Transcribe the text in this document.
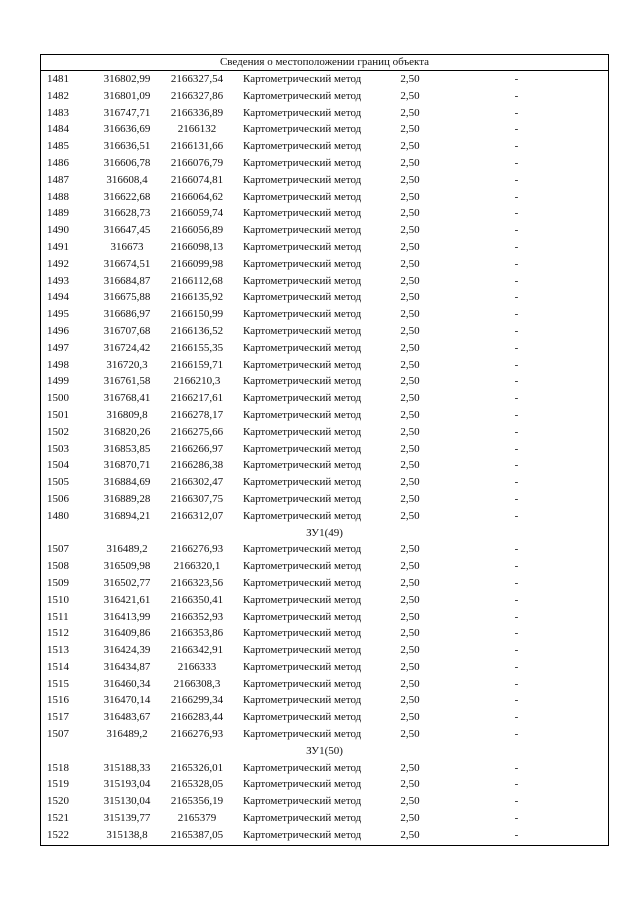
Сведения о местоположении границ объекта
1481	316802,99	2166327,54	Картометрический метод	2,50	-
1482	316801,09	2166327,86	Картометрический метод	2,50	-
1483	316747,71	2166336,89	Картометрический метод	2,50	-
1484	316636,69	2166132	Картометрический метод	2,50	-
1485	316636,51	2166131,66	Картометрический метод	2,50	-
1486	316606,78	2166076,79	Картометрический метод	2,50	-
1487	316608,4	2166074,81	Картометрический метод	2,50	-
1488	316622,68	2166064,62	Картометрический метод	2,50	-
1489	316628,73	2166059,74	Картометрический метод	2,50	-
1490	316647,45	2166056,89	Картометрический метод	2,50	-
1491	316673	2166098,13	Картометрический метод	2,50	-
1492	316674,51	2166099,98	Картометрический метод	2,50	-
1493	316684,87	2166112,68	Картометрический метод	2,50	-
1494	316675,88	2166135,92	Картометрический метод	2,50	-
1495	316686,97	2166150,99	Картометрический метод	2,50	-
1496	316707,68	2166136,52	Картометрический метод	2,50	-
1497	316724,42	2166155,35	Картометрический метод	2,50	-
1498	316720,3	2166159,71	Картометрический метод	2,50	-
1499	316761,58	2166210,3	Картометрический метод	2,50	-
1500	316768,41	2166217,61	Картометрический метод	2,50	-
1501	316809,8	2166278,17	Картометрический метод	2,50	-
1502	316820,26	2166275,66	Картометрический метод	2,50	-
1503	316853,85	2166266,97	Картометрический метод	2,50	-
1504	316870,71	2166286,38	Картометрический метод	2,50	-
1505	316884,69	2166302,47	Картометрический метод	2,50	-
1506	316889,28	2166307,75	Картометрический метод	2,50	-
1480	316894,21	2166312,07	Картометрический метод	2,50	-
ЗУ1(49)
1507	316489,2	2166276,93	Картометрический метод	2,50	-
1508	316509,98	2166320,1	Картометрический метод	2,50	-
1509	316502,77	2166323,56	Картометрический метод	2,50	-
1510	316421,61	2166350,41	Картометрический метод	2,50	-
1511	316413,99	2166352,93	Картометрический метод	2,50	-
1512	316409,86	2166353,86	Картометрический метод	2,50	-
1513	316424,39	2166342,91	Картометрический метод	2,50	-
1514	316434,87	2166333	Картометрический метод	2,50	-
1515	316460,34	2166308,3	Картометрический метод	2,50	-
1516	316470,14	2166299,34	Картометрический метод	2,50	-
1517	316483,67	2166283,44	Картометрический метод	2,50	-
1507	316489,2	2166276,93	Картометрический метод	2,50	-
ЗУ1(50)
1518	315188,33	2165326,01	Картометрический метод	2,50	-
1519	315193,04	2165328,05	Картометрический метод	2,50	-
1520	315130,04	2165356,19	Картометрический метод	2,50	-
1521	315139,77	2165379	Картометрический метод	2,50	-
1522	315138,8	2165387,05	Картометрический метод	2,50	-
